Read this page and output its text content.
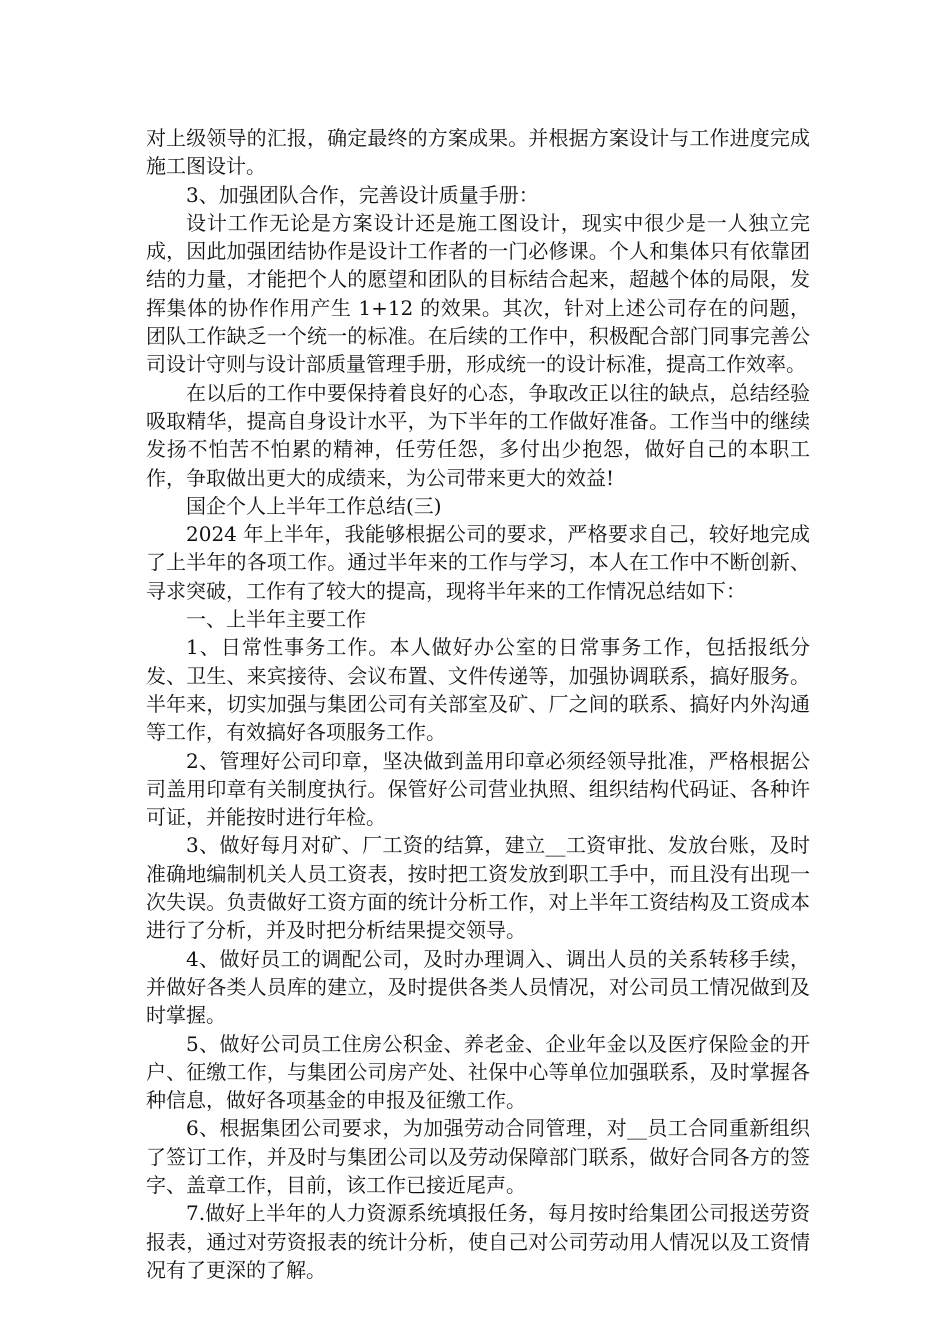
对上级领导的汇报，确定最终的方案成果。并根据方案设计与工作进度完成施工图设计。

3、加强团队合作，完善设计质量手册：

设计工作无论是方案设计还是施工图设计，现实中很少是一人独立完成，因此加强团结协作是设计工作者的一门必修课。个人和集体只有依靠团结的力量，才能把个人的愿望和团队的目标结合起来，超越个体的局限，发挥集体的协作作用产生 1+12 的效果。其次，针对上述公司存在的问题，团队工作缺乏一个统一的标准。在后续的工作中，积极配合部门同事完善公司设计守则与设计部质量管理手册，形成统一的设计标准，提高工作效率。

在以后的工作中要保持着良好的心态，争取改正以往的缺点，总结经验吸取精华，提高自身设计水平，为下半年的工作做好准备。工作当中的继续发扬不怕苦不怕累的精神，任劳任怨，多付出少抱怨，做好自己的本职工作，争取做出更大的成绩来，为公司带来更大的效益!

国企个人上半年工作总结(三)

2024 年上半年，我能够根据公司的要求，严格要求自己，较好地完成了上半年的各项工作。通过半年来的工作与学习，本人在工作中不断创新、寻求突破，工作有了较大的提高，现将半年来的工作情况总结如下：

一、上半年主要工作

1、日常性事务工作。本人做好办公室的日常事务工作，包括报纸分发、卫生、来宾接待、会议布置、文件传递等，加强协调联系，搞好服务。半年来，切实加强与集团公司有关部室及矿、厂之间的联系、搞好内外沟通等工作，有效搞好各项服务工作。

2、管理好公司印章，坚决做到盖用印章必须经领导批准，严格根据公司盖用印章有关制度执行。保管好公司营业执照、组织结构代码证、各种许可证，并能按时进行年检。

3、做好每月对矿、厂工资的结算，建立__工资审批、发放台账，及时准确地编制机关人员工资表，按时把工资发放到职工手中，而且没有出现一次失误。负责做好工资方面的统计分析工作，对上半年工资结构及工资成本进行了分析，并及时把分析结果提交领导。

4、做好员工的调配公司，及时办理调入、调出人员的关系转移手续，并做好各类人员库的建立，及时提供各类人员情况，对公司员工情况做到及时掌握。

5、做好公司员工住房公积金、养老金、企业年金以及医疗保险金的开户、征缴工作，与集团公司房产处、社保中心等单位加强联系，及时掌握各种信息，做好各项基金的申报及征缴工作。

6、根据集团公司要求，为加强劳动合同管理，对__员工合同重新组织了签订工作，并及时与集团公司以及劳动保障部门联系，做好合同各方的签字、盖章工作，目前，该工作已接近尾声。

7.做好上半年的人力资源系统填报任务，每月按时给集团公司报送劳资报表，通过对劳资报表的统计分析，使自己对公司劳动用人情况以及工资情况有了更深的了解。
